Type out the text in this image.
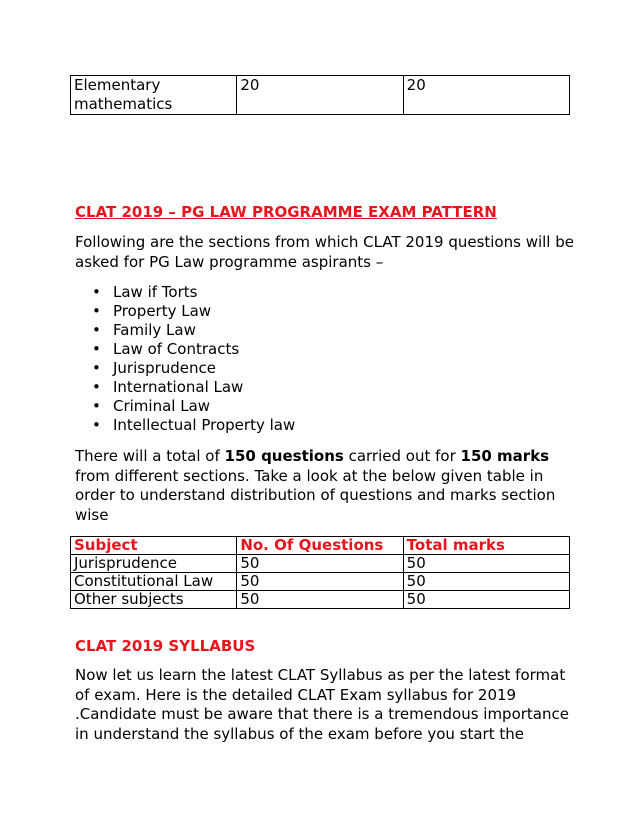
Elementary
mathematics	20	20
CLAT 2019 – PG LAW PROGRAMME EXAM PATTERN

Following are the sections from which CLAT 2019 questions will be asked for PG Law programme aspirants –

• Law if Torts
• Property Law
• Family Law
• Law of Contracts
• Jurisprudence
• International Law
• Criminal Law
• Intellectual Property law

There will a total of 150 questions carried out for 150 marks from different sections. Take a look at the below given table in order to understand distribution of questions and marks section wise

Subject	No. Of Questions	Total marks
Jurisprudence	50	50
Constitutional Law	50	50
Other subjects	50	50
CLAT 2019 SYLLABUS

Now let us learn the latest CLAT Syllabus as per the latest format of exam. Here is the detailed CLAT Exam syllabus for 2019 .Candidate must be aware that there is a tremendous importance in understand the syllabus of the exam before you start the
